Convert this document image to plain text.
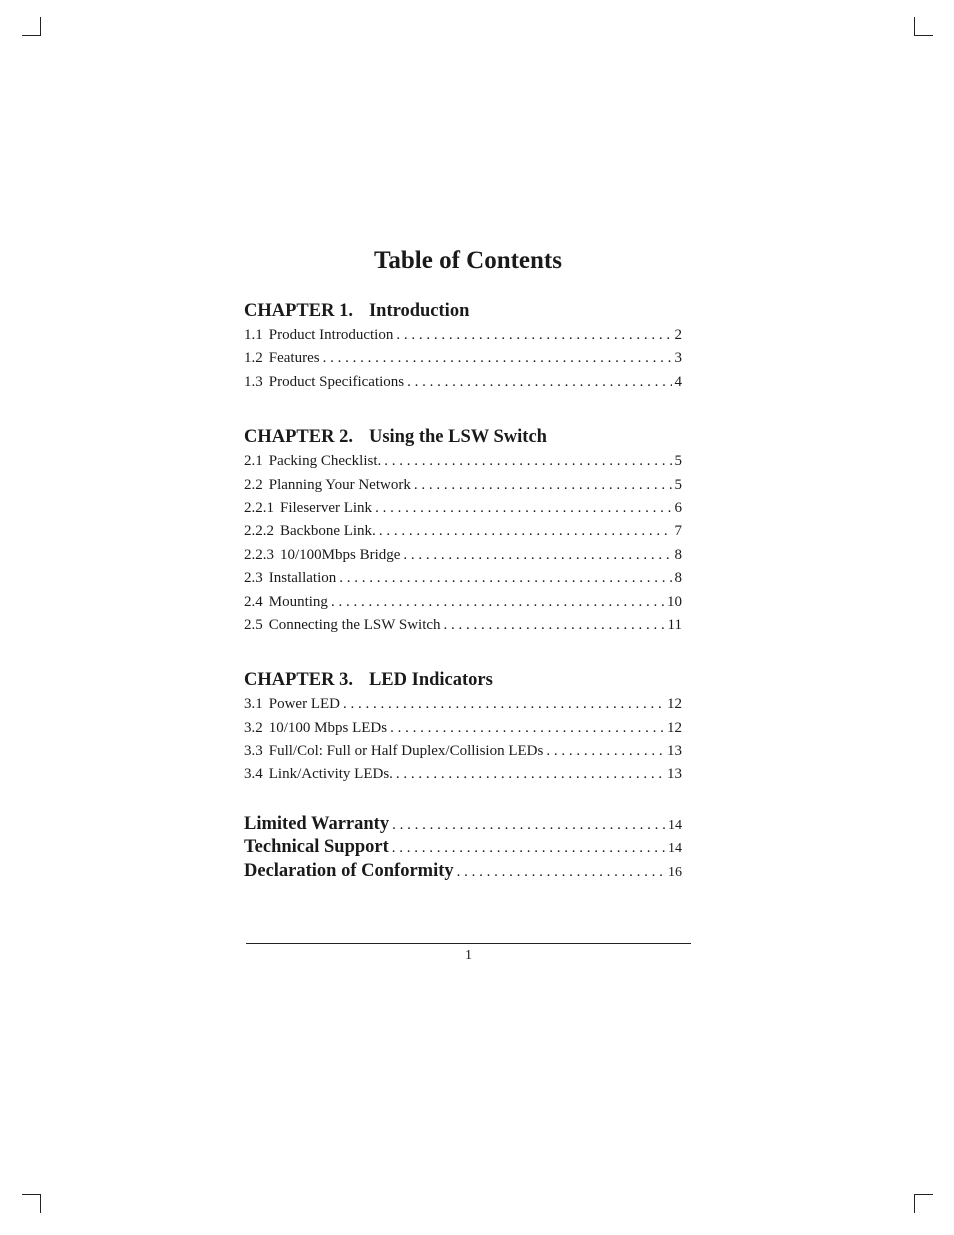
Table of Contents
CHAPTER 1. Introduction
1.1 Product Introduction . . .	2
1.2 Features . . .	3
1.3 Product Specifications . . .	4
CHAPTER 2. Using the LSW Switch
2.1 Packing Checklist. . . .	5
2.2 Planning Your Network . . .	5
2.2.1 Fileserver Link . . .	6
2.2.2 Backbone Link. . . .	7
2.2.3 10/100Mbps Bridge . . .	8
2.3 Installation . . .	8
2.4 Mounting . . .	10
2.5 Connecting the LSW Switch . . .	11
CHAPTER 3. LED Indicators
3.1 Power LED . . .	12
3.2 10/100 Mbps LEDs . . .	12
3.3 Full/Col: Full or Half Duplex/Collision LEDs . . .	13
3.4 Link/Activity LEDs. . . .	13
Limited Warranty . . .	14
Technical Support . . .	14
Declaration of Conformity . . .	16
1
